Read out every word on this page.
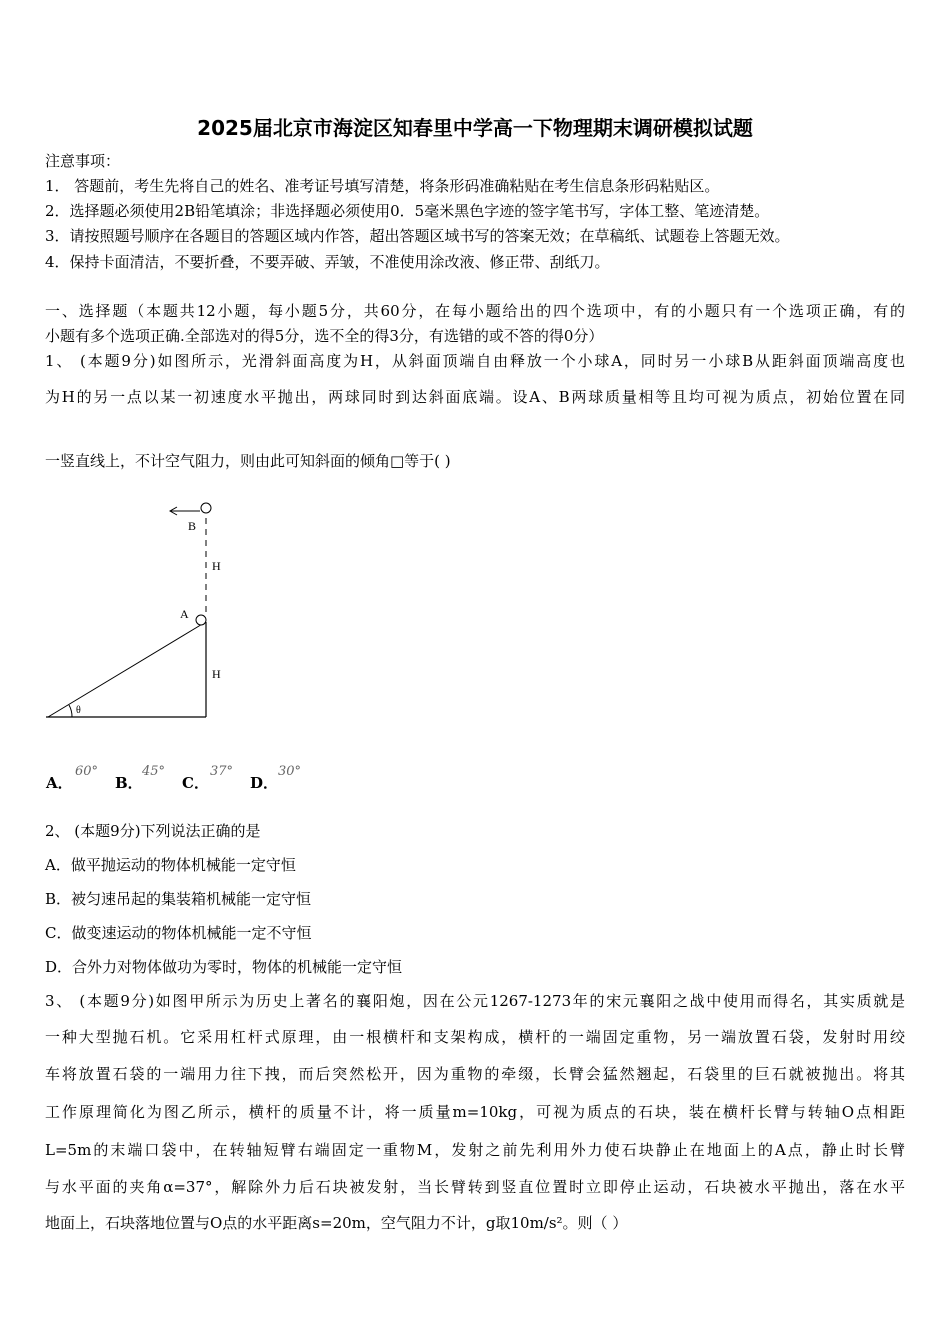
2025届北京市海淀区知春里中学高一下物理期末调研模拟试题
注意事项：
1． 答题前，考生先将自己的姓名、准考证号填写清楚，将条形码准确粘贴在考生信息条形码粘贴区。
2．选择题必须使用2B铅笔填涂；非选择题必须使用0．5毫米黑色字迹的签字笔书写，字体工整、笔迹清楚。
3．请按照题号顺序在各题目的答题区域内作答，超出答题区域书写的答案无效；在草稿纸、试题卷上答题无效。
4．保持卡面清洁，不要折叠，不要弄破、弄皱，不准使用涂改液、修正带、刮纸刀。
一、选择题（本题共12小题，每小题5分，共60分，在每小题给出的四个选项中，有的小题只有一个选项正确，有的
小题有多个选项正确.全部选对的得5分，选不全的得3分，有选错的或不答的得0分）
1、 (本题9分)如图所示，光滑斜面高度为H，从斜面顶端自由释放一个小球A，同时另一小球B从距斜面顶端高度也
为H的另一点以某一初速度水平抛出，两球同时到达斜面底端。设A、B两球质量相等且均可视为质点，初始位置在同
一竖直线上，不计空气阻力，则由此可知斜面的倾角□等于( )
B
H
A
H
θ
A．
60°
B．
45°
C．
37°
D．
30°
2、 (本题9分)下列说法正确的是
A．做平抛运动的物体机械能一定守恒
B．被匀速吊起的集装箱机械能一定守恒
C．做变速运动的物体机械能一定不守恒
D．合外力对物体做功为零时，物体的机械能一定守恒
3、 (本题9分)如图甲所示为历史上著名的襄阳炮，因在公元1267-1273年的宋元襄阳之战中使用而得名，其实质就是
一种大型抛石机。它采用杠杆式原理，由一根横杆和支架构成，横杆的一端固定重物，另一端放置石袋，发射时用绞
车将放置石袋的一端用力往下拽，而后突然松开，因为重物的牵缀，长臂会猛然翘起，石袋里的巨石就被抛出。将其
工作原理简化为图乙所示，横杆的质量不计，将一质量m=10kg，可视为质点的石块，装在横杆长臂与转轴O点相距
L=5m的末端口袋中，在转轴短臂右端固定一重物M，发射之前先利用外力使石块静止在地面上的A点，静止时长臂
与水平面的夹角α=37°，解除外力后石块被发射，当长臂转到竖直位置时立即停止运动，石块被水平抛出，落在水平
地面上，石块落地位置与O点的水平距离s=20m，空气阻力不计，g取10m/s²。则（ ）
